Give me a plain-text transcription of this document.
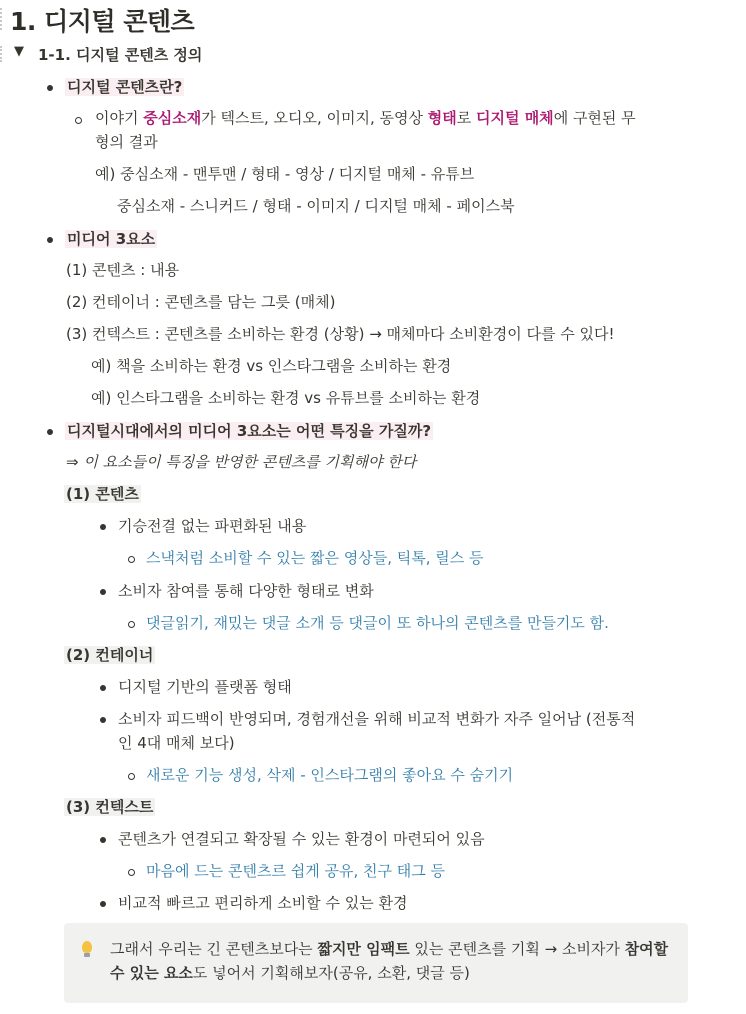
1. 디지털 콘텐츠
▼ 1-1. 디지털 콘텐츠 정의
디지털 콘텐츠란?
이야기 중심소재가 텍스트, 오디오, 이미지, 동영상 형태로 디지털 매체에 구현된 무
형의 결과
예) 중심소재 - 맨투맨 / 형태 - 영상 / 디지털 매체 - 유튜브
중심소재 - 스니커드 / 형태 - 이미지 / 디지털 매체 - 페이스북
미디어 3요소
(1) 콘텐츠 : 내용
(2) 컨테이너 : 콘텐츠를 담는 그릇 (매체)
(3) 컨텍스트 : 콘텐츠를 소비하는 환경 (상황) → 매체마다 소비환경이 다를 수 있다!
예) 책을 소비하는 환경 vs 인스타그램을 소비하는 환경
예) 인스타그램을 소비하는 환경 vs 유튜브를 소비하는 환경
디지털시대에서의 미디어 3요소는 어떤 특징을 가질까?
⇒ 이 요소들이 특징을 반영한 콘텐츠를 기획해야 한다
(1) 콘텐츠
기승전결 없는 파편화된 내용
스낵처럼 소비할 수 있는 짧은 영상들, 틱톡, 릴스 등
소비자 참여를 통해 다양한 형태로 변화
댓글읽기, 재밌는 댓글 소개 등 댓글이 또 하나의 콘텐츠를 만들기도 함.
(2) 컨테이너
디지털 기반의 플랫폼 형태
소비자 피드백이 반영되며, 경험개선을 위해 비교적 변화가 자주 일어남 (전통적
인 4대 매체 보다)
새로운 기능 생성, 삭제 - 인스타그램의 좋아요 수 숨기기
(3) 컨텍스트
콘텐츠가 연결되고 확장될 수 있는 환경이 마련되어 있음
마음에 드는 콘텐츠르 쉽게 공유, 친구 태그 등
비교적 빠르고 편리하게 소비할 수 있는 환경
그래서 우리는 긴 콘텐츠보다는 짧지만 임팩트 있는 콘텐츠를 기획 → 소비자가 참여할 수 있는 요소도 넣어서 기획해보자(공유, 소환, 댓글 등)
